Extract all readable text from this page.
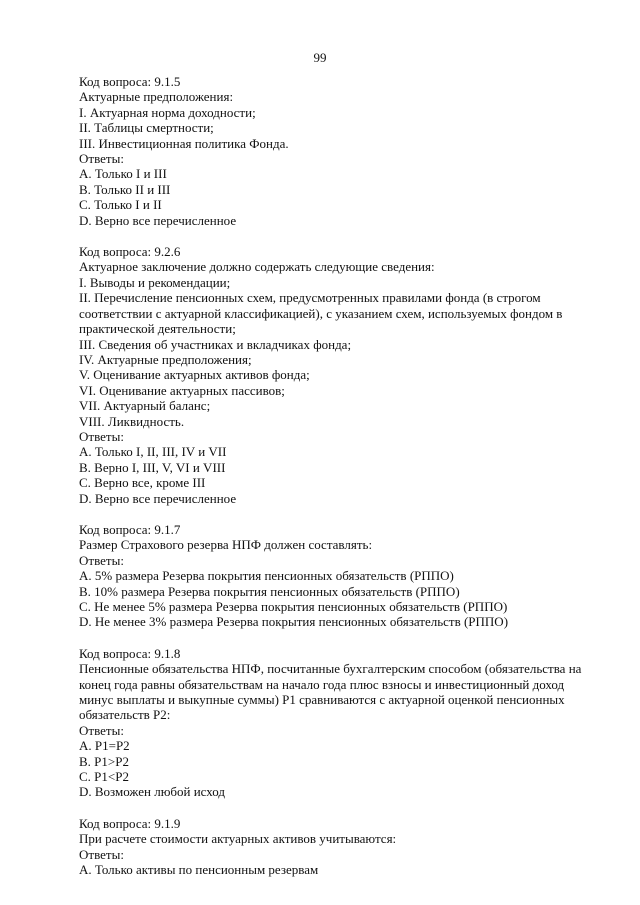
99
Код вопроса: 9.1.5
Актуарные предположения:
I. Актуарная норма доходности;
II. Таблицы смертности;
III. Инвестиционная политика Фонда.
Ответы:
A. Только I и III
B. Только II и III
C. Только I и II
D. Верно все перечисленное
Код вопроса: 9.2.6
Актуарное заключение должно содержать следующие сведения:
I. Выводы и рекомендации;
II. Перечисление пенсионных схем, предусмотренных правилами фонда (в строгом
соответствии с актуарной классификацией), с указанием схем, используемых фондом в
практической деятельности;
III. Сведения об участниках и вкладчиках фонда;
IV. Актуарные предположения;
V. Оценивание актуарных активов фонда;
VI. Оценивание актуарных пассивов;
VII. Актуарный баланс;
VIII. Ликвидность.
Ответы:
A. Только I, II, III, IV и VII
B. Верно I, III, V, VI и VIII
C. Верно все, кроме III
D. Верно все перечисленное
Код вопроса: 9.1.7
Размер Страхового резерва НПФ должен составлять:
Ответы:
A. 5% размера Резерва покрытия пенсионных обязательств (РППО)
B. 10% размера Резерва покрытия пенсионных обязательств (РППО)
C. Не менее 5% размера Резерва покрытия пенсионных обязательств (РППО)
D. Не менее 3% размера Резерва покрытия пенсионных обязательств (РППО)
Код вопроса: 9.1.8
Пенсионные обязательства НПФ, посчитанные бухгалтерским способом (обязательства на
конец года равны обязательствам на начало года плюс взносы и инвестиционный доход
минус выплаты и выкупные суммы) Р1 сравниваются с актуарной оценкой пенсионных
обязательств Р2:
Ответы:
A. Р1=Р2
B. Р1>Р2
C. Р1<Р2
D. Возможен любой исход
Код вопроса: 9.1.9
При расчете стоимости актуарных активов учитываются:
Ответы:
A. Только активы по пенсионным резервам
